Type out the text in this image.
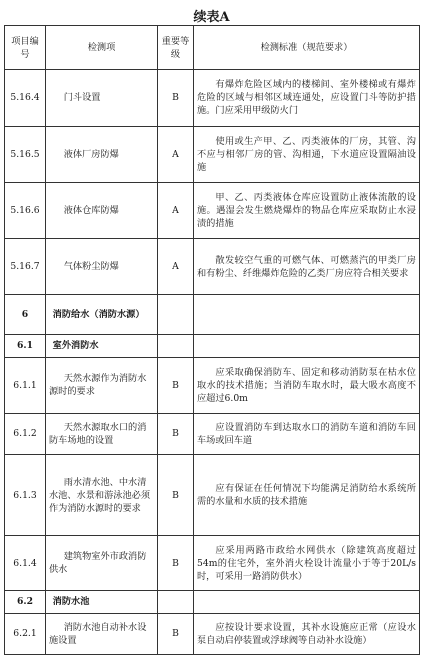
续表A
项目编号	检测项	重要等级	检测标准（规范要求）
5.16.4	门斗设置	B	有爆炸危险区域内的楼梯间、室外楼梯或有爆炸危险的区域与相邻区域连通处，应设置门斗等防护措施。门应采用甲级防火门
5.16.5	液体厂房防爆	A	使用或生产甲、乙、丙类液体的厂房，其管、沟不应与相邻厂房的管、沟相通，下水道应设置隔油设施
5.16.6	液体仓库防爆	A	甲、乙、丙类液体仓库应设置防止液体流散的设施。遇湿会发生燃烧爆炸的物品仓库应采取防止水浸渍的措施
5.16.7	气体粉尘防爆	A	散发较空气重的可燃气体、可燃蒸汽的甲类厂房和有粉尘、纤维爆炸危险的乙类厂房应符合相关要求
6	消防给水（消防水源）		
6.1	室外消防水		
6.1.1	天然水源作为消防水源时的要求	B	应采取确保消防车、固定和移动消防泵在枯水位取水的技术措施；当消防车取水时，最大吸水高度不应超过6.0m
6.1.2	天然水源取水口的消防车场地的设置	B	应设置消防车到达取水口的消防车道和消防车回车场或回车道
6.1.3	雨水清水池、中水清水池、水景和游泳池必须作为消防水源时的要求	B	应有保证在任何情况下均能满足消防给水系统所需的水量和水质的技术措施
6.1.4	建筑物室外市政消防供水	B	应采用两路市政给水网供水（除建筑高度超过54m的住宅外，室外消火栓设计流量小于等于20L/s时，可采用一路消防供水）
6.2	消防水池		
6.2.1	消防水池自动补水设施设置	B	应按设计要求设置，其补水设施应正常（应设水泵自动启停装置或浮球阀等自动补水设施）
